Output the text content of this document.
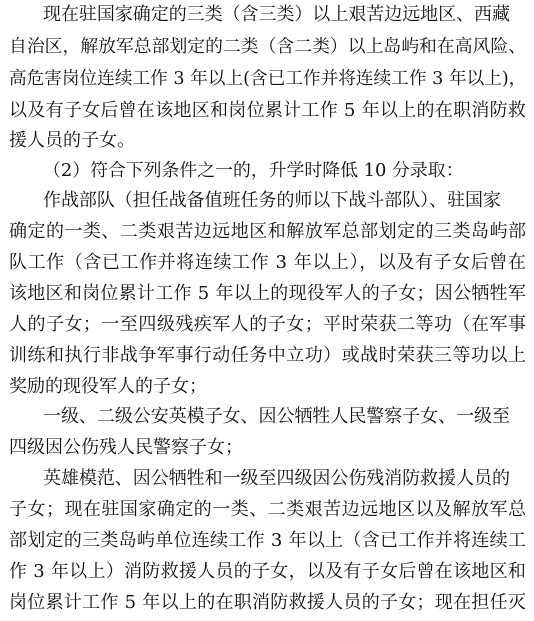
现在驻国家确定的三类（含三类）以上艰苦边远地区、西藏
自治区，解放军总部划定的二类（含二类）以上岛屿和在高风险、
高危害岗位连续工作 3 年以上(含已工作并将连续工作 3 年以上)，
以及有子女后曾在该地区和岗位累计工作 5 年以上的在职消防救
援人员的子女。
（2）符合下列条件之一的，升学时降低 10 分录取：
作战部队（担任战备值班任务的师以下战斗部队）、驻国家
确定的一类、二类艰苦边远地区和解放军总部划定的三类岛屿部
队工作（含已工作并将连续工作 3 年以上），以及有子女后曾在
该地区和岗位累计工作 5 年以上的现役军人的子女；因公牺牲军
人的子女；一至四级残疾军人的子女；平时荣获二等功（在军事
训练和执行非战争军事行动任务中立功）或战时荣获三等功以上
奖励的现役军人的子女；
一级、二级公安英模子女、因公牺牲人民警察子女、一级至
四级因公伤残人民警察子女；
英雄模范、因公牺牲和一级至四级因公伤残消防救援人员的
子女；现在驻国家确定的一类、二类艰苦边远地区以及解放军总
部划定的三类岛屿单位连续工作 3 年以上（含已工作并将连续工
作 3 年以上）消防救援人员的子女，以及有子女后曾在该地区和
岗位累计工作 5 年以上的在职消防救援人员的子女；现在担任灭
